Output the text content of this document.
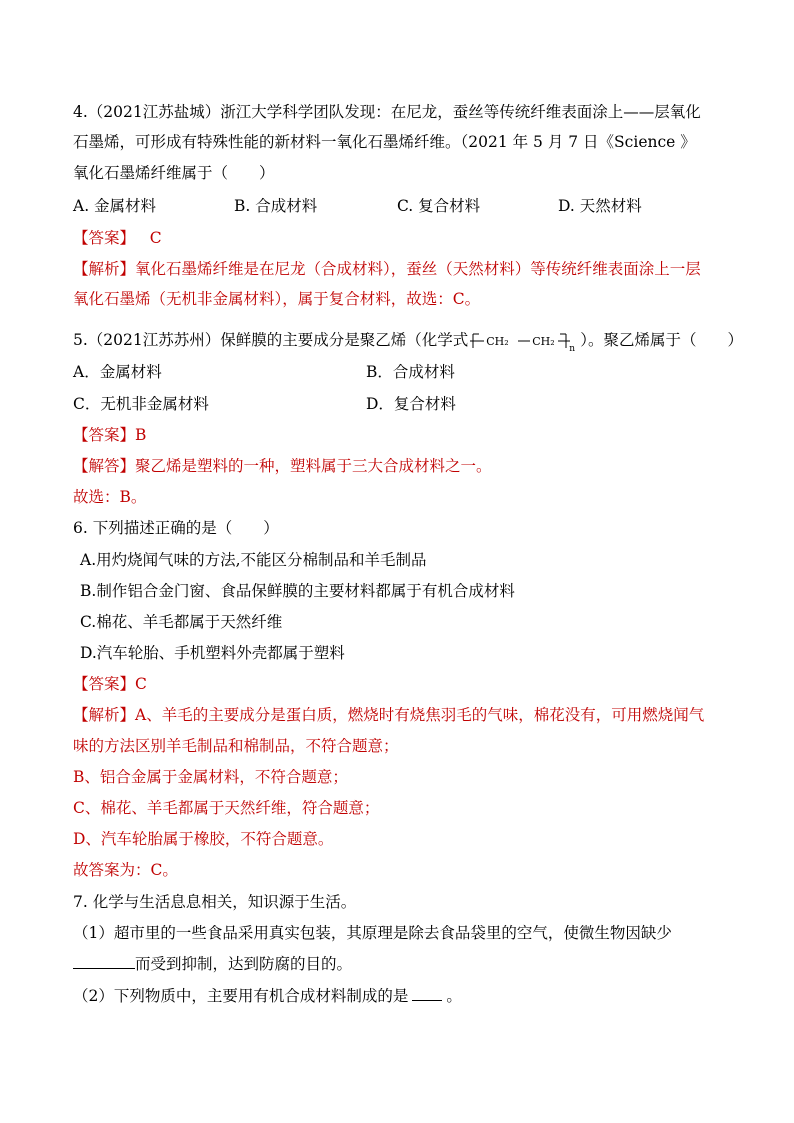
4.（2021江苏盐城）浙江大学科学团队发现：在尼龙，蚕丝等传统纤维表面涂上——层氧化
石墨烯，可形成有特殊性能的新材料一氧化石墨烯纤维。（2021 年 5 月 7 日《Science 》
氧化石墨烯纤维属于（　　）
A. 金属材料	B. 合成材料	C. 复合材料	D. 天然材料
【答案】 C
【解析】氧化石墨烯纤维是在尼龙（合成材料），蚕丝（天然材料）等传统纤维表面涂上一层
氧化石墨烯（无机非金属材料），属于复合材料，故选：C。
5.（2021江苏苏州）保鲜膜的主要成分是聚乙烯（化学式 CH₂ CH₂
n ）。聚乙烯属于（　　）
A．金属材料	B．合成材料
C．无机非金属材料	D．复合材料
【答案】B
【解答】聚乙烯是塑料的一种，塑料属于三大合成材料之一。
故选：B。
6. 下列描述正确的是（　　）
A.用灼烧闻气味的方法,不能区分棉制品和羊毛制品
B.制作铝合金门窗、食品保鲜膜的主要材料都属于有机合成材料
C.棉花、羊毛都属于天然纤维
D.汽车轮胎、手机塑料外壳都属于塑料
【答案】C
【解析】A、羊毛的主要成分是蛋白质，燃烧时有烧焦羽毛的气味，棉花没有，可用燃烧闻气
味的方法区别羊毛制品和棉制品，不符合题意；
B、铝合金属于金属材料，不符合题意；
C、棉花、羊毛都属于天然纤维，符合题意；
D、汽车轮胎属于橡胶，不符合题意。
故答案为：C。
7. 化学与生活息息相关，知识源于生活。
（1）超市里的一些食品采用真实包装，其原理是除去食品袋里的空气，使微生物因缺少
而受到抑制，达到防腐的目的。
（2）下列物质中，主要用有机合成材料制成的是 。
